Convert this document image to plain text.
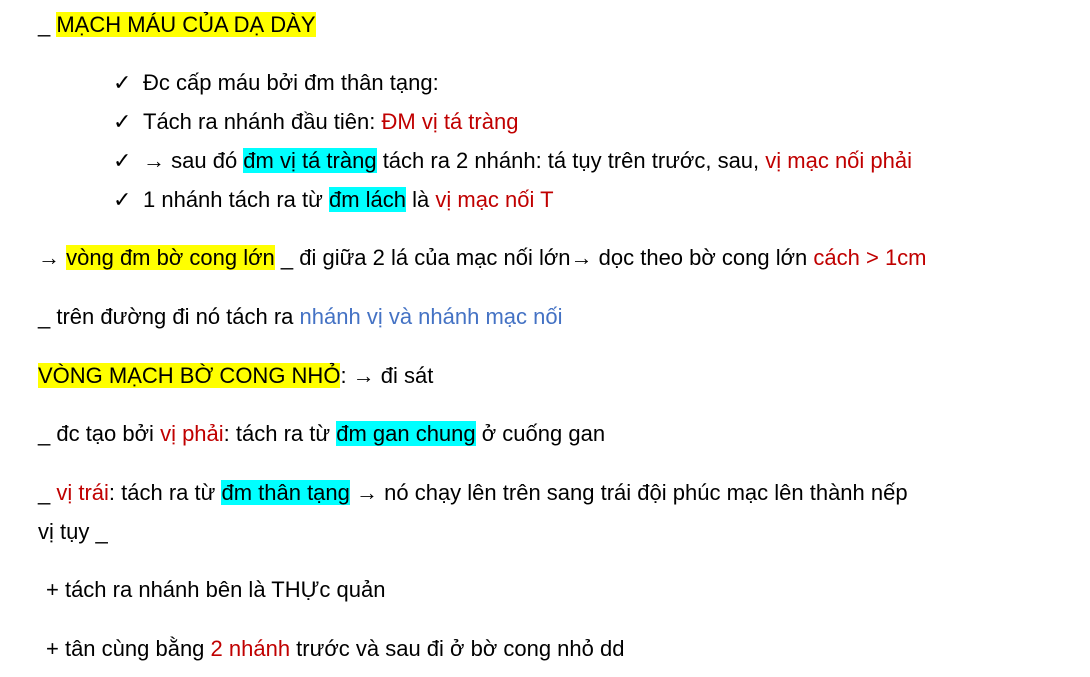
_ MẠCH MÁU CỦA DẠ DÀY
✓ Đc cấp máu bởi đm thân tạng:
✓ Tách ra nhánh đầu tiên: ĐM vị tá tràng
✓ → sau đó đm vị tá tràng tách ra 2 nhánh: tá tụy trên trước, sau, vị mạc nối phải
✓ 1 nhánh tách ra từ đm lách là vị mạc nối T
→ vòng đm bờ cong lớn _ đi giữa 2 lá của mạc nối lớn→ dọc theo bờ cong lớn cách > 1cm
_ trên đường đi nó tách ra nhánh vị và nhánh mạc nối
VÒNG MẠCH BỜ CONG NHỎ: → đi sát
_ đc tạo bởi vị phải: tách ra từ đm gan chung ở cuống gan
_ vị trái: tách ra từ đm thân tạng → nó chạy lên trên sang trái đội phúc mạc lên thành nếp
vị tụy _
+ tách ra nhánh bên là THỰc quản
+ tân cùng bằng 2 nhánh trước và sau đi ở bờ cong nhỏ dd
